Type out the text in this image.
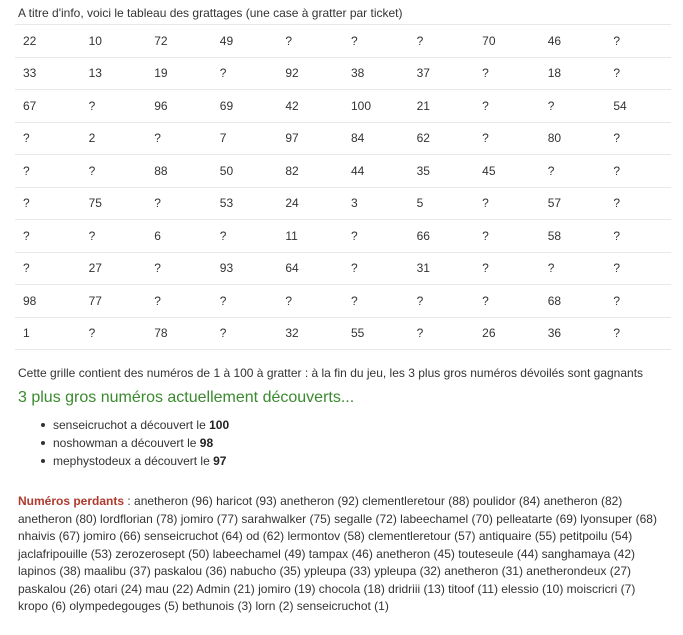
A titre d'info, voici le tableau des grattages (une case à gratter par ticket)
22	10	72	49	?	?	?	70	46	?
33	13	19	?	92	38	37	?	18	?
67	?	96	69	42	100	21	?	?	54
?	2	?	7	97	84	62	?	80	?
?	?	88	50	82	44	35	45	?	?
?	75	?	53	24	3	5	?	57	?
?	?	6	?	11	?	66	?	58	?
?	27	?	93	64	?	31	?	?	?
98	77	?	?	?	?	?	?	68	?
1	?	78	?	32	55	?	26	36	?
Cette grille contient des numéros de 1 à 100 à gratter : à la fin du jeu, les 3 plus gros numéros dévoilés sont gagnants
3 plus gros numéros actuellement découverts...
senseicruchot a découvert le 100
noshowman a découvert le 98
mephystodeux a découvert le 97
Numéros perdants : anetheron (96) haricot (93) anetheron (92) clementleretour (88) poulidor (84) anetheron (82) anetheron (80) lordflorian (78) jomiro (77) sarahwalker (75) segalle (72) labeechamel (70) pelleatarte (69) lyonsuper (68) nhaivis (67) jomiro (66) senseicruchot (64) od (62) lermontov (58) clementleretour (57) antiquaire (55) petitpoilu (54) jaclafripouille (53) zerozerosept (50) labeechamel (49) tampax (46) anetheron (45) touteseule (44) sanghamaya (42) lapinos (38) maalibu (37) paskalou (36) nabucho (35) ypleupa (33) ypleupa (32) anetheron (31) anetherondeux (27) paskalou (26) otari (24) mau (22) Admin (21) jomiro (19) chocola (18) dridriii (13) titoof (11) elessio (10) moiscricri (7) kropo (6) olympedegouges (5) bethunois (3) lorn (2) senseicruchot (1)
